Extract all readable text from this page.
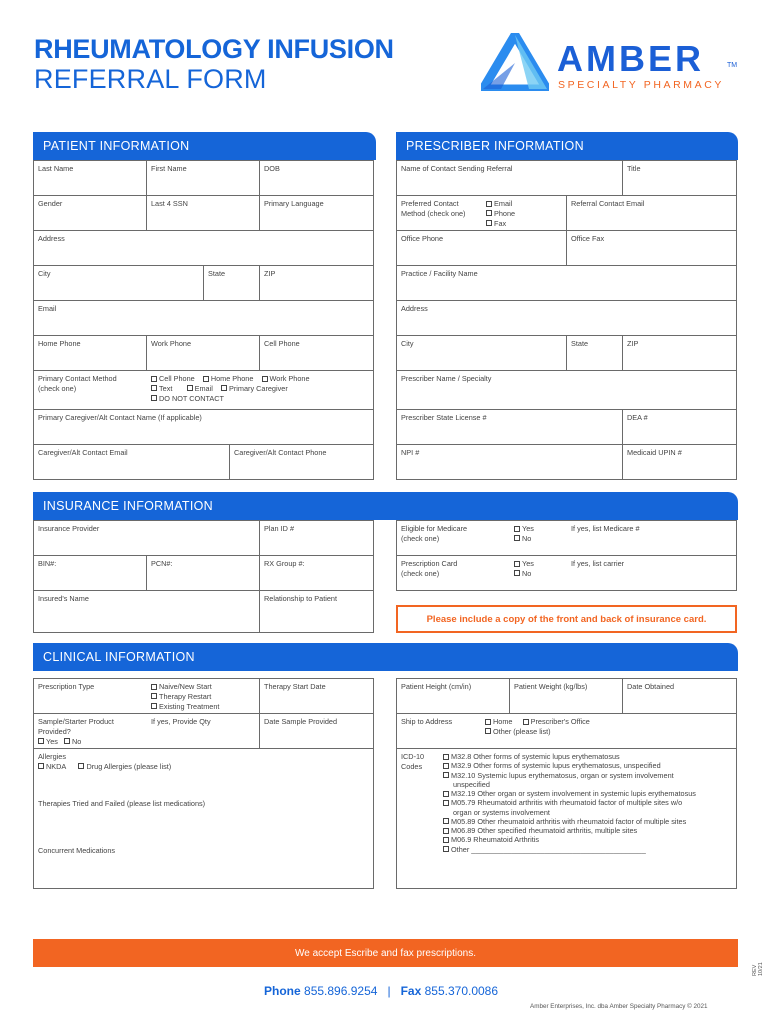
RHEUMATOLOGY INFUSION
REFERRAL FORM	AMBER	TM
SPECIALTY PHARMACY
PATIENT INFORMATION
Last Name	First Name	DOB
Gender	Last 4 SSN	Primary Language
Address
City	State	ZIP
Email
Home Phone	Work Phone	Cell Phone
Primary Contact Method
(check one)
Cell Phone Home Phone Work Phone
Text	Email Primary Caregiver
DO NOT CONTACT
Primary Caregiver/Alt Contact Name (If applicable)
Caregiver/Alt Contact Email	Caregiver/Alt Contact Phone
PRESCRIBER INFORMATION
Name of Contact Sending Referral	Title
Preferred Contact
Method (check one)
Email
Phone
Fax
Referral Contact Email
Office Phone	Office Fax
Practice / Facility Name
Address
City	State	ZIP
Prescriber Name / Specialty
Prescriber State License #	DEA #
NPI #	Medicaid UPIN #
INSURANCE INFORMATION
Insurance Provider	Plan ID #
BIN#:	PCN#:	RX Group #:
Insured's Name	Relationship to Patient
Eligible for Medicare
(check one)
Yes
No
If yes, list Medicare #
Prescription Card
(check one)
Yes
No
If yes, list carrier
Please include a copy of the front and back of insurance card.
CLINICAL INFORMATION
Prescription Type	Naive/New Start
Therapy Restart
Existing Treatment
Therapy Start Date
Sample/Starter Product
Provided?
Yes No
If yes, Provide Qty	Date Sample Provided
Allergies
NKDA	Drug Allergies (please list)
Therapies Tried and Failed (please list medications)
Concurrent Medications
Patient Height (cm/in)	Patient Weight (kg/lbs)	Date Obtained
Ship to Address	Home Prescriber's Office
Other (please list)
ICD-10
Codes
M32.8 Other forms of systemic lupus erythematosus
M32.9 Other forms of systemic lupus erythematosus, unspecified
M32.10 Systemic lupus erythematosus, organ or system involvement
unspecified
M32.19 Other organ or system involvement in systemic lupis erythematosus
M05.79 Rheumatoid arthritis with rheumatoid factor of multiple sites w/o
organ or systems involvement
M05.89 Other rheumatoid arthritis with rheumatoid factor of multiple sites
M06.89 Other specified rheumatoid arthritis, multiple sites
M06.9 Rheumatoid Arthritis
Other ___________________________________________
We accept Escribe and fax prescriptions.
REV 10/21
Phone 855.896.9254 | Fax 855.370.0086
Amber Enterprises, Inc. dba Amber Specialty Pharmacy © 2021
